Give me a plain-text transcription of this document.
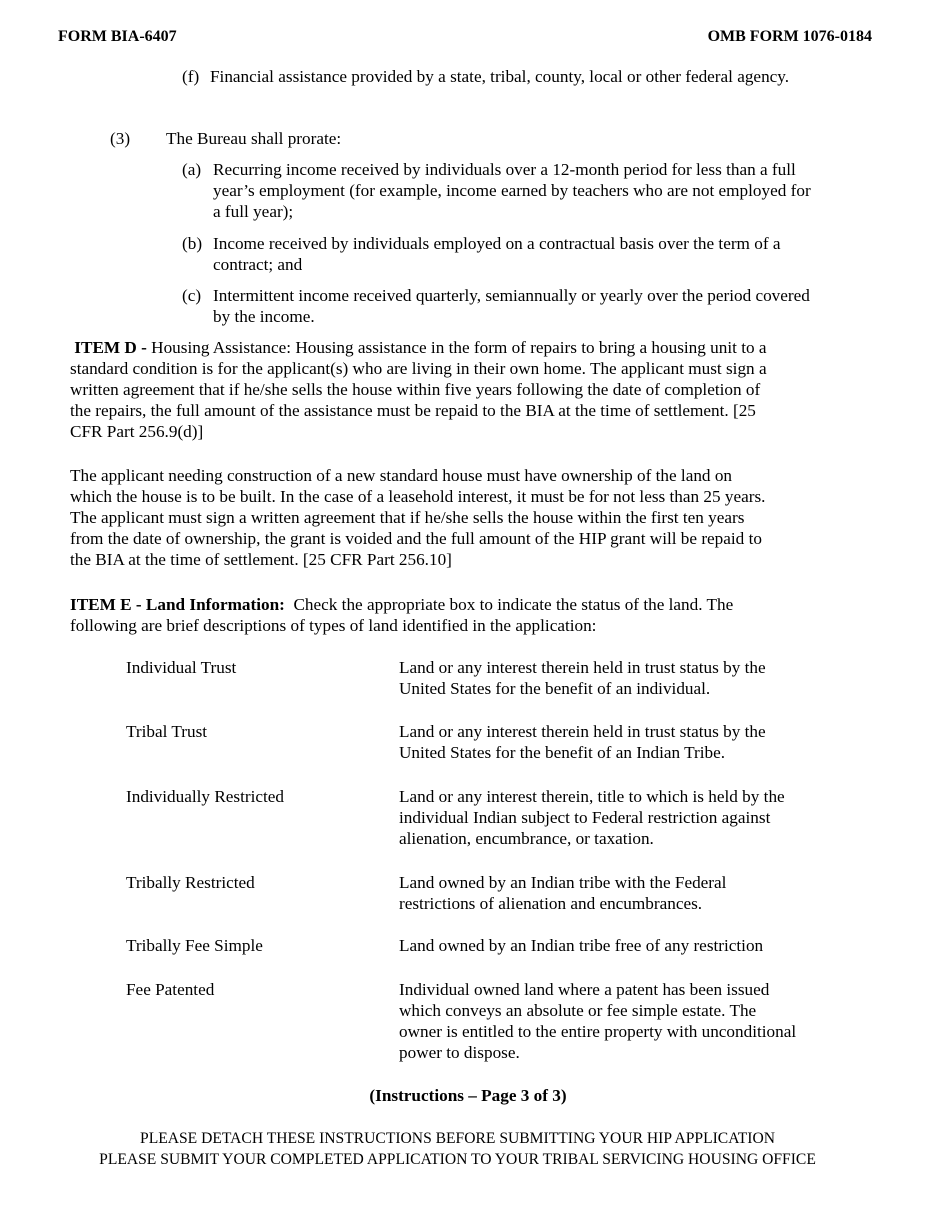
FORM BIA-6407	OMB FORM 1076-0184
(f) Financial assistance provided by a state, tribal, county, local or other federal agency.
(3) The Bureau shall prorate:
(a) Recurring income received by individuals over a 12-month period for less than a full
year’s employment (for example, income earned by teachers who are not employed for
a full year);
(b) Income received by individuals employed on a contractual basis over the term of a
contract; and
(c) Intermittent income received quarterly, semiannually or yearly over the period covered
by the income.
ITEM D - Housing Assistance: Housing assistance in the form of repairs to bring a housing unit to a
standard condition is for the applicant(s) who are living in their own home. The applicant must sign a
written agreement that if he/she sells the house within five years following the date of completion of
the repairs, the full amount of the assistance must be repaid to the BIA at the time of settlement. [25
CFR Part 256.9(d)]
The applicant needing construction of a new standard house must have ownership of the land on
which the house is to be built. In the case of a leasehold interest, it must be for not less than 25 years.
The applicant must sign a written agreement that if he/she sells the house within the first ten years
from the date of ownership, the grant is voided and the full amount of the HIP grant will be repaid to
the BIA at the time of settlement. [25 CFR Part 256.10]
ITEM E - Land Information: Check the appropriate box to indicate the status of the land. The
following are brief descriptions of types of land identified in the application:
Individual Trust	Land or any interest therein held in trust status by the
United States for the benefit of an individual.
Tribal Trust	Land or any interest therein held in trust status by the
United States for the benefit of an Indian Tribe.
Individually Restricted	Land or any interest therein, title to which is held by the
individual Indian subject to Federal restriction against
alienation, encumbrance, or taxation.
Tribally Restricted	Land owned by an Indian tribe with the Federal
restrictions of alienation and encumbrances.
Tribally Fee Simple	Land owned by an Indian tribe free of any restriction
Fee Patented	Individual owned land where a patent has been issued
which conveys an absolute or fee simple estate. The
owner is entitled to the entire property with unconditional
power to dispose.
(Instructions – Page 3 of 3)
PLEASE DETACH THESE INSTRUCTIONS BEFORE SUBMITTING YOUR HIP APPLICATION
PLEASE SUBMIT YOUR COMPLETED APPLICATION TO YOUR TRIBAL SERVICING HOUSING OFFICE
